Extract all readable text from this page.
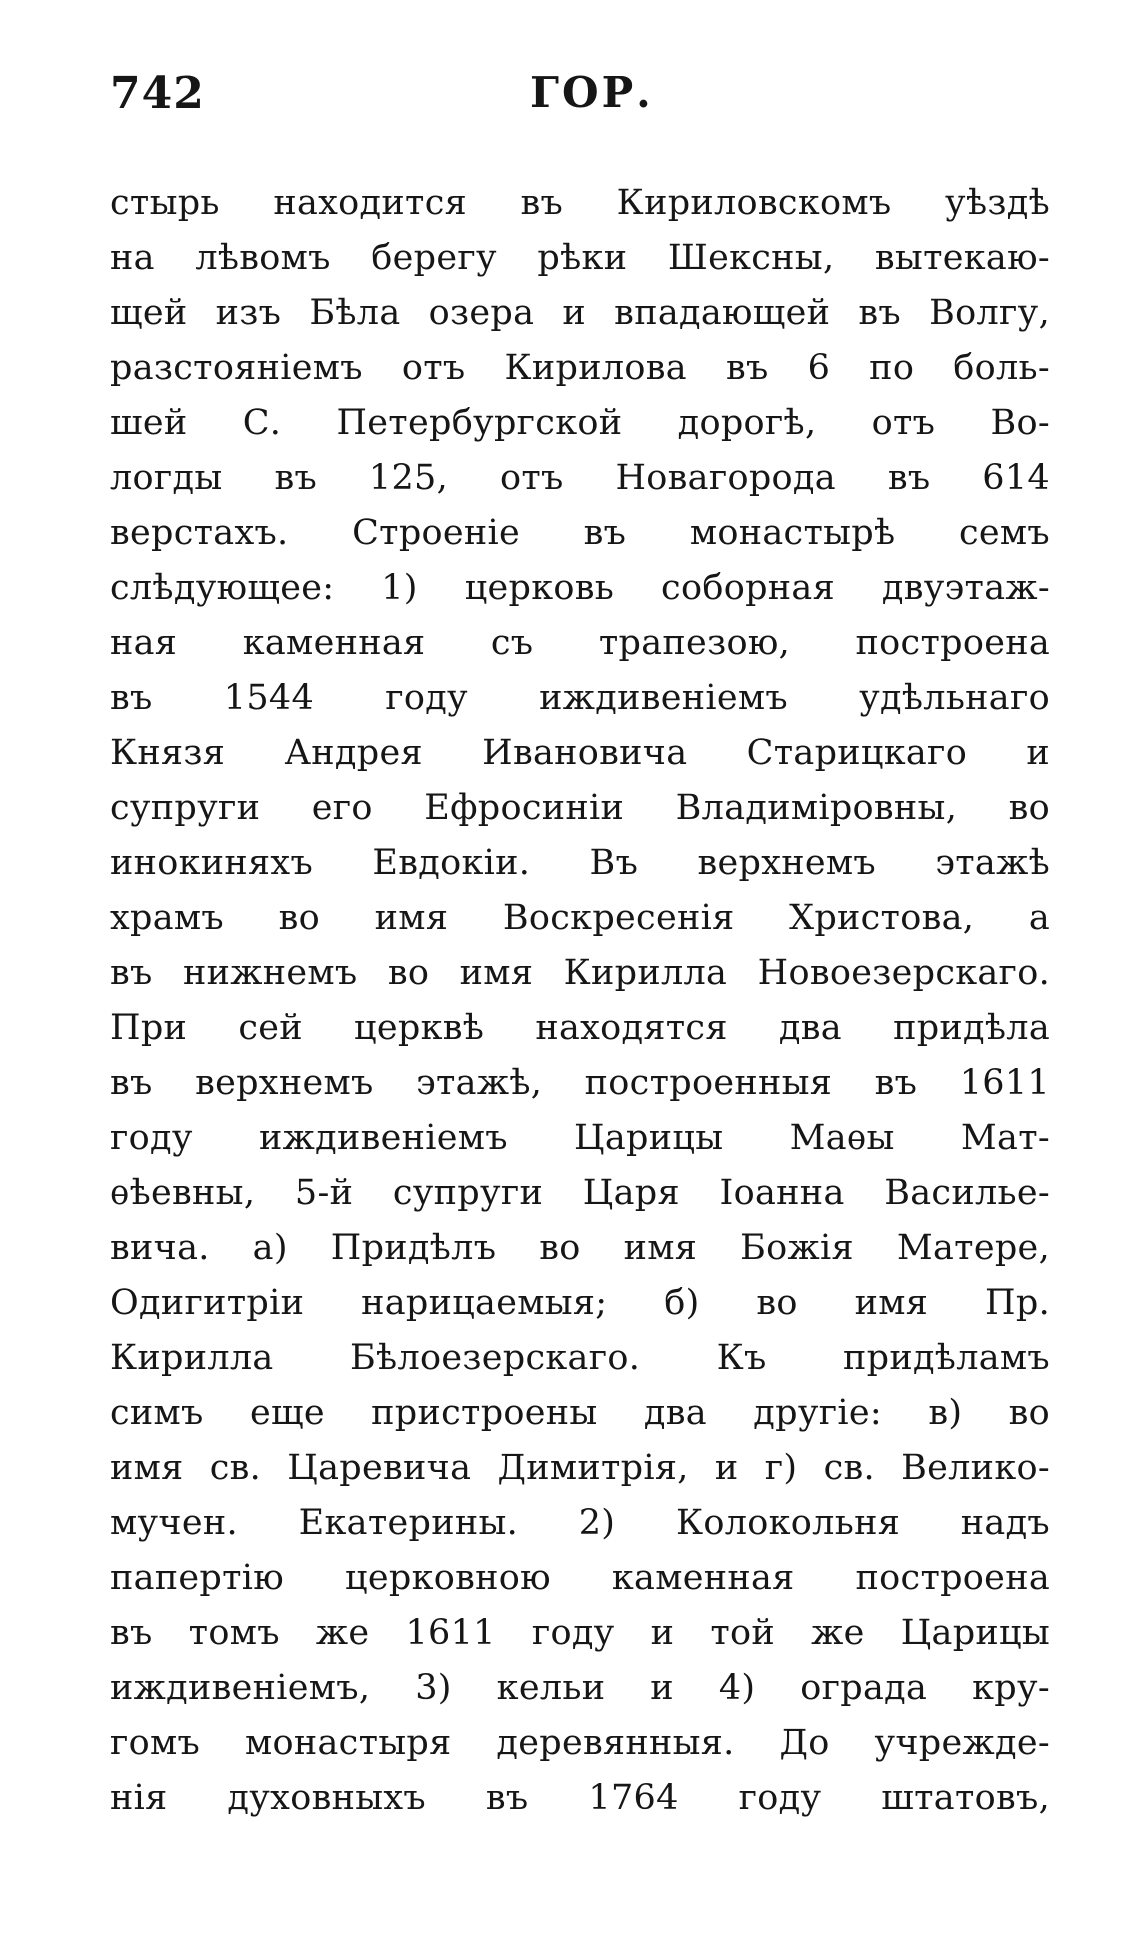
742	ГОР.
стырь находится въ Кириловскомъ уѣздѣ
на лѣвомъ берегу рѣки Шексны, вытекаю-
щей изъ Бѣла озера и впадающей въ Волгу,
разстояніемъ отъ Кирилова въ 6 по боль-
шей С. Петербургской дорогѣ, отъ Во-
логды въ 125, отъ Новагорода въ 614
верстахъ. Строеніе въ монастырѣ семъ
слѣдующее: 1) церковь соборная двуэтаж-
ная каменная съ трапезою, построена
въ 1544 году иждивеніемъ удѣльнаго
Князя Андрея Ивановича Старицкаго и
супруги его Ефросиніи Владиміровны, во
инокиняхъ Евдокіи. Въ верхнемъ этажѣ
храмъ во имя Воскресенія Христова, а
въ нижнемъ во имя Кирилла Новоезерскаго.
При сей церквѣ находятся два придѣла
въ верхнемъ этажѣ, построенныя въ 1611
году иждивеніемъ Царицы Маѳы Мат-
ѳѣевны, 5-й супруги Царя Іоанна Василье-
вича. а) Придѣлъ во имя Божія Матере,
Одигитріи нарицаемыя; б) во имя Пр.
Кирилла Бѣлоезерскаго. Къ придѣламъ
симъ еще пристроены два другіе: в) во
имя св. Царевича Димитрія, и г) св. Велико-
мучен. Екатерины. 2) Колокольня надъ
папертію церковною каменная построена
въ томъ же 1611 году и той же Царицы
иждивеніемъ, 3) кельи и 4) ограда кру-
гомъ монастыря деревянныя. До учрежде-
нія духовныхъ въ 1764 году штатовъ,
